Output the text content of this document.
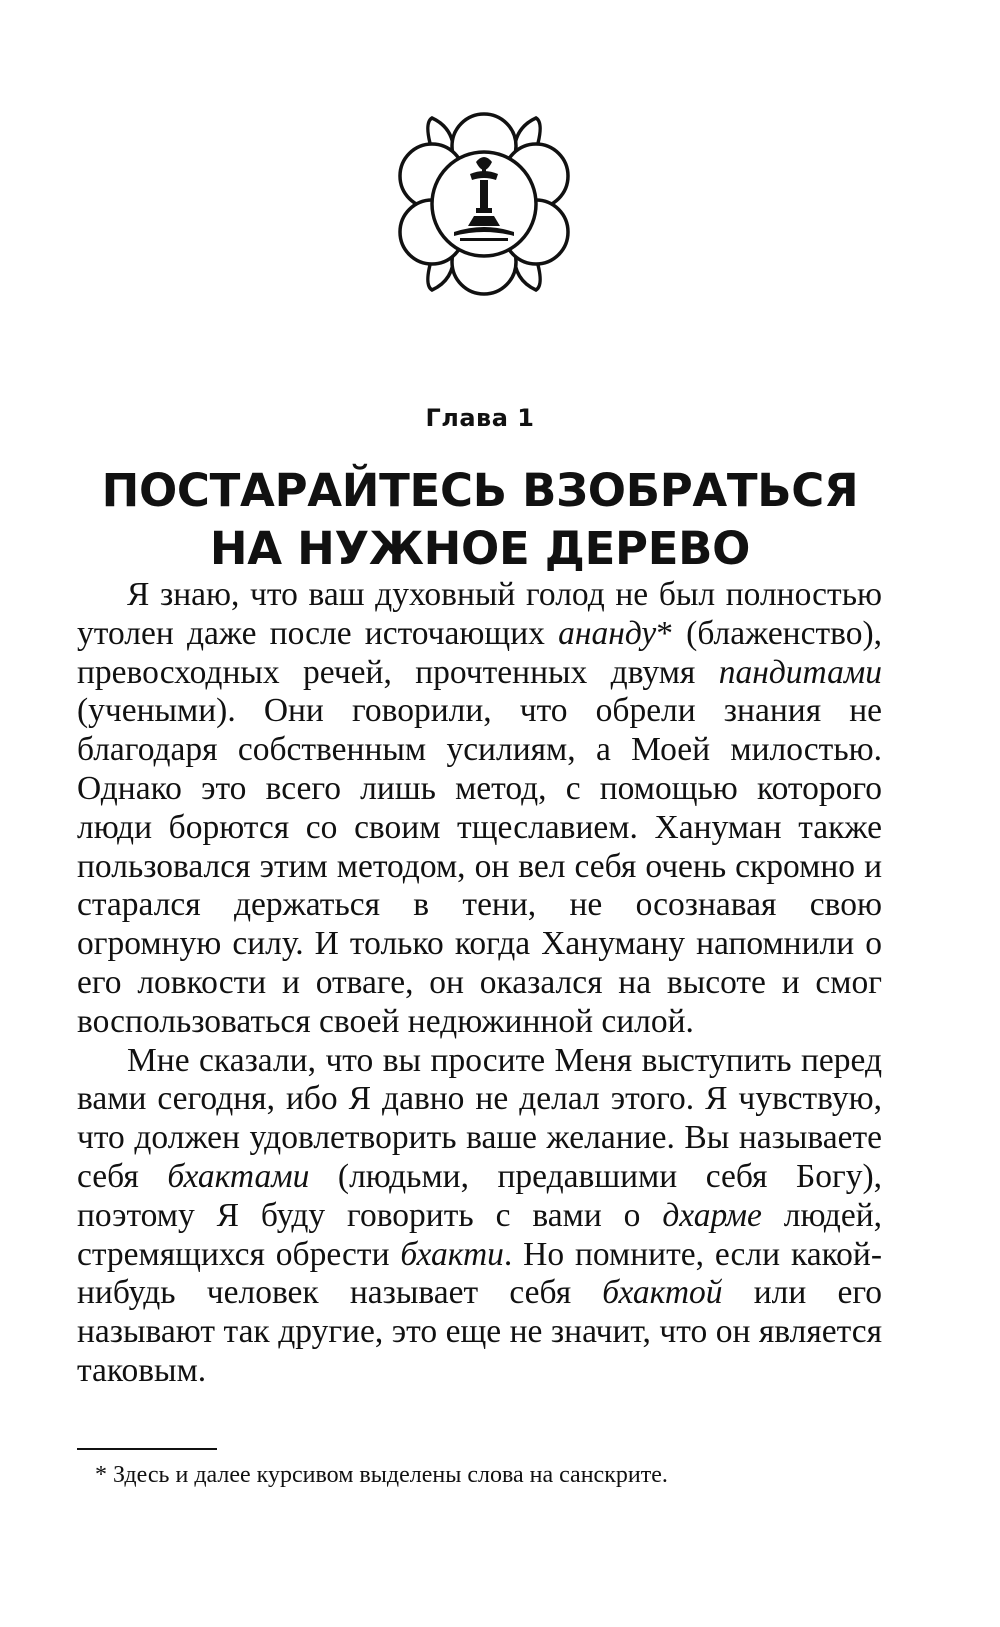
Глава 1
ПОСТАРАЙТЕСЬ ВЗОБРАТЬСЯ
НА НУЖНОЕ ДЕРЕВО

Я знаю, что ваш духовный голод не был полностью утолен даже после источающих ананду* (блаженство), превосходных речей, прочтенных двумя пандитами (учеными). Они говорили, что обрели знания не благодаря собственным усилиям, а Моей милостью. Однако это всего лишь метод, с помощью которого люди борются со своим тщеславием. Хануман также пользовался этим методом, он вел себя очень скромно и старался держаться в тени, не осознавая свою огромную силу. И только когда Хануману напомнили о его ловкости и отваге, он оказался на высоте и смог воспользоваться своей недюжинной силой.

Мне сказали, что вы просите Меня выступить перед вами сегодня, ибо Я давно не делал этого. Я чувствую, что должен удовлетворить ваше желание. Вы называете себя бхактами (людьми, предавшими себя Богу), поэтому Я буду говорить с вами о дхарме людей, стремящихся обрести бхакти. Но помните, если какой-нибудь человек называет себя бхактой или его называют так другие, это еще не значит, что он является таковым.

* Здесь и далее курсивом выделены слова на санскрите.
